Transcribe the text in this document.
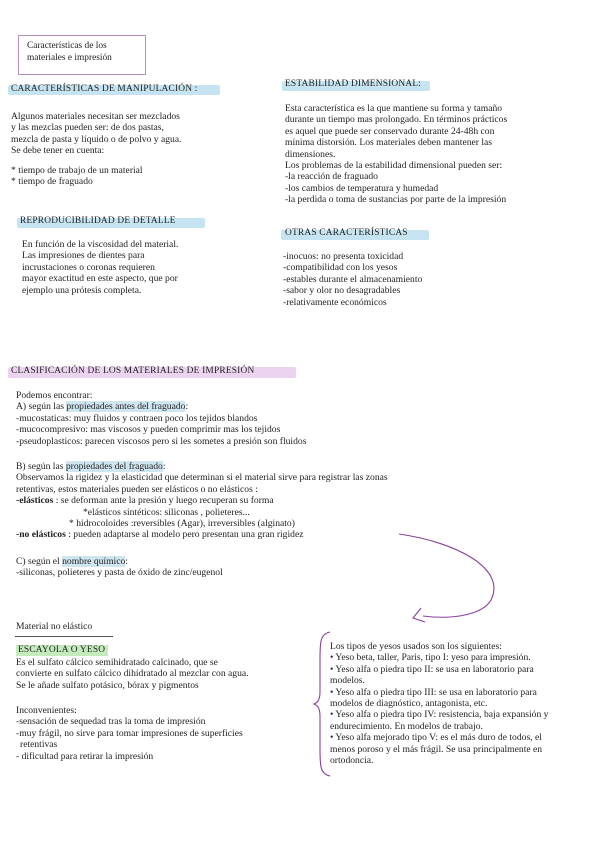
Características de los
materiales e impresión
CARACTERÍSTICAS DE MANIPULACIÓN :
Algunos materiales necesitan ser mezclados
y las mezclas pueden ser: de dos pastas,
mezcla de pasta y líquido o de polvo y agua.
Se debe tener en cuenta:
* tiempo de trabajo de un material
* tiempo de fraguado
ESTABILIDAD DIMENSIONAL:
Esta característica es la que mantiene su forma y tamaño
durante un tiempo mas prolongado. En términos prácticos
es aquel que puede ser conservado durante 24-48h con
mínima distorsión. Los materiales deben mantener las
dimensiones.
Los problemas de la estabilidad dimensional pueden ser:
-la reacción de fraguado
-los cambios de temperatura y humedad
-la perdida o toma de sustancias por parte de la impresión
REPRODUCIBILIDAD DE DETALLE
En función de la viscosidad del material.
Las impresiones de dientes para
incrustaciones o coronas requieren
mayor exactitud en este aspecto, que por
ejemplo una prótesis completa.
OTRAS CARACTERÍSTICAS
-inocuos: no presenta toxicidad
-compatibilidad con los yesos
-estables durante el almacenamiento
-sabor y olor no desagradables
-relativamente económicos
CLASIFICACIÓN DE LOS MATERIALES DE IMPRESIÓN
Podemos encontrar:
A) según las propiedades antes del fraguado:
-mucostaticas: muy fluidos y contraen poco los tejidos blandos
-mucocompresivo: mas viscosos y pueden comprimir mas los tejidos
-pseudoplasticos: parecen viscosos pero si les sometes a presión son fluidos
B) según las propiedades del fraguado:
Observamos la rigidez y la elasticidad que determinan si el material sirve para registrar las zonas
retentivas, estos materiales pueden ser elásticos o no elásticos :
-elásticos : se deforman ante la presión y luego recuperan su forma
*elásticos sintéticos: siliconas , polieteres...
* hidrocoloides :reversibles (Agar), irreversibles (alginato)
-no elásticos : pueden adaptarse al modelo pero presentan una gran rigidez
C) según el nombre químico:
-siliconas, polieteres y pasta de óxido de zinc/eugenol
Material no elástico
ESCAYOLA O YESO
Es el sulfato cálcico semihidratado calcinado, que se
convierte en sulfato cálcico dihidratado al mezclar con agua.
Se le añade sulfato potásico, bórax y pigmentos
Inconvenientes:
-sensación de sequedad tras la toma de impresión
-muy frágil, no sirve para tomar impresiones de superficies
retentivas
- dificultad para retirar la impresión
Los tipos de yesos usados son los siguientes:
• Yeso beta, taller, Paris, tipo I: yeso para impresión.
• Yeso alfa o piedra tipo II: se usa en laboratorio para
modelos.
• Yeso alfa o piedra tipo III: se usa en laboratorio para
modelos de diagnóstico, antagonista, etc.
• Yeso alfa o piedra tipo IV: resistencia, baja expansión y
endurecimiento. En modelos de trabajo.
• Yeso alfa mejorado tipo V: es el más duro de todos, el
menos poroso y el más frágil. Se usa principalmente en
ortodoncia.
